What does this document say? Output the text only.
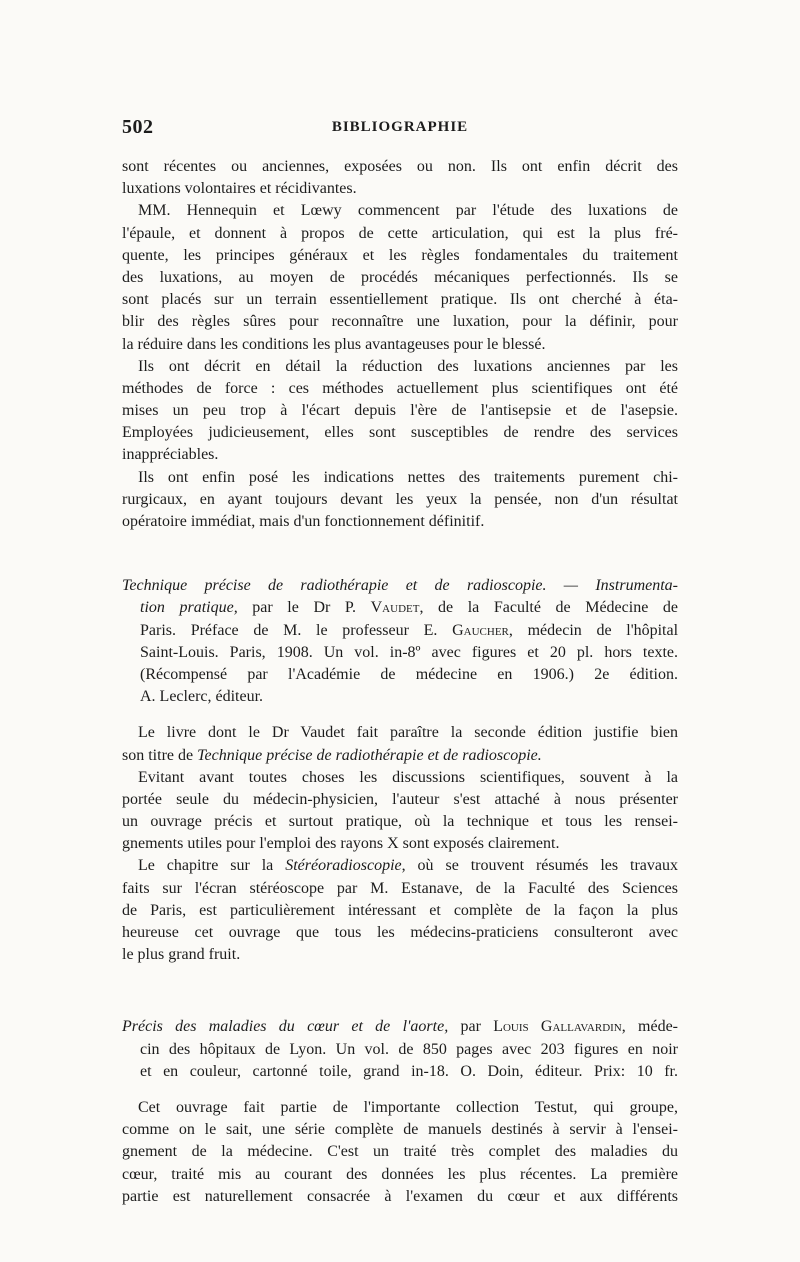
502	BIBLIOGRAPHIE
sont récentes ou anciennes, exposées ou non. Ils ont enfin décrit des
luxations volontaires et récidivantes.
MM. Hennequin et Lœwy commencent par l'étude des luxations de
l'épaule, et donnent à propos de cette articulation, qui est la plus fré-
quente, les principes généraux et les règles fondamentales du traitement
des luxations, au moyen de procédés mécaniques perfectionnés. Ils se
sont placés sur un terrain essentiellement pratique. Ils ont cherché à éta-
blir des règles sûres pour reconnaître une luxation, pour la définir, pour
la réduire dans les conditions les plus avantageuses pour le blessé.
Ils ont décrit en détail la réduction des luxations anciennes par les
méthodes de force : ces méthodes actuellement plus scientifiques ont été
mises un peu trop à l'écart depuis l'ère de l'antisepsie et de l'asepsie.
Employées judicieusement, elles sont susceptibles de rendre des services
inappréciables.
Ils ont enfin posé les indications nettes des traitements purement chi-
rurgicaux, en ayant toujours devant les yeux la pensée, non d'un résultat
opératoire immédiat, mais d'un fonctionnement définitif.
Technique précise de radiothérapie et de radioscopie. — Instrumenta-
tion pratique, par le Dr P. Vaudet, de la Faculté de Médecine de
Paris. Préface de M. le professeur E. Gaucher, médecin de l'hôpital
Saint-Louis. Paris, 1908. Un vol. in-8º avec figures et 20 pl. hors texte.
(Récompensé par l'Académie de médecine en 1906.) 2e édition.
A. Leclerc, éditeur.
Le livre dont le Dr Vaudet fait paraître la seconde édition justifie bien
son titre de Technique précise de radiothérapie et de radioscopie.
Evitant avant toutes choses les discussions scientifiques, souvent à la
portée seule du médecin-physicien, l'auteur s'est attaché à nous présenter
un ouvrage précis et surtout pratique, où la technique et tous les rensei-
gnements utiles pour l'emploi des rayons X sont exposés clairement.
Le chapitre sur la Stéréoradioscopie, où se trouvent résumés les travaux
faits sur l'écran stéréoscope par M. Estanave, de la Faculté des Sciences
de Paris, est particulièrement intéressant et complète de la façon la plus
heureuse cet ouvrage que tous les médecins-praticiens consulteront avec
le plus grand fruit.
Précis des maladies du cœur et de l'aorte, par Louis Gallavardin, méde-
cin des hôpitaux de Lyon. Un vol. de 850 pages avec 203 figures en noir
et en couleur, cartonné toile, grand in-18. O. Doin, éditeur. Prix: 10 fr.
Cet ouvrage fait partie de l'importante collection Testut, qui groupe,
comme on le sait, une série complète de manuels destinés à servir à l'ensei-
gnement de la médecine. C'est un traité très complet des maladies du
cœur, traité mis au courant des données les plus récentes. La première
partie est naturellement consacrée à l'examen du cœur et aux différents
